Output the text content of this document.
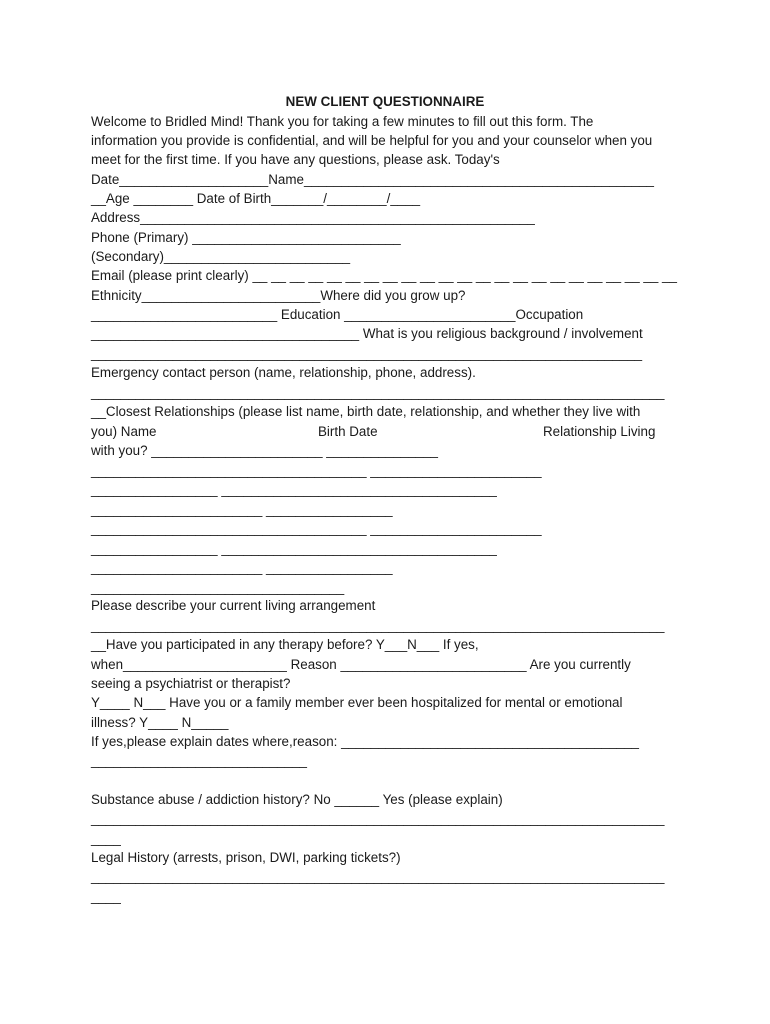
NEW CLIENT QUESTIONNAIRE
Welcome to Bridled Mind! Thank you for taking a few minutes to fill out this form. The
information you provide is confidential, and will be helpful for you and your counselor when you
meet for the first time. If you have any questions, please ask. Today's
Date____________________Name_______________________________________________
__Age ________ Date of Birth_______/________/____
Address_____________________________________________________
Phone (Primary) ____________________________
(Secondary)_________________________
Email (please print clearly) __ __ __ __ __ __ __ __ __ __ __ __ __ __ __ __ __ __ __ __ __ __ __
Ethnicity________________________Where did you grow up?
_________________________ Education _______________________Occupation
____________________________________ What is you religious background / involvement
__________________________________________________________________________
Emergency contact person (name, relationship, phone, address).
_____________________________________________________________________________
__Closest Relationships (please list name, birth date, relationship, and whether they live with
you) Name	Birth Date	Relationship Living
with you? _______________________ _______________
_____________________________________ _______________________
_________________ _____________________________________
_______________________ _________________
_____________________________________ _______________________
_________________ _____________________________________
_______________________ _________________
__________________________________
Please describe your current living arrangement
_____________________________________________________________________________
__Have you participated in any therapy before? Y___N___ If yes,
when______________________ Reason _________________________ Are you currently
seeing a psychiatrist or therapist?
Y____ N___ Have you or a family member ever been hospitalized for mental or emotional
illness? Y____ N_____
If yes,please explain dates where,reason: ________________________________________
_____________________________
Substance abuse / addiction history? No ______ Yes (please explain)
_____________________________________________________________________________
____
Legal History (arrests, prison, DWI, parking tickets?)
_____________________________________________________________________________
____
